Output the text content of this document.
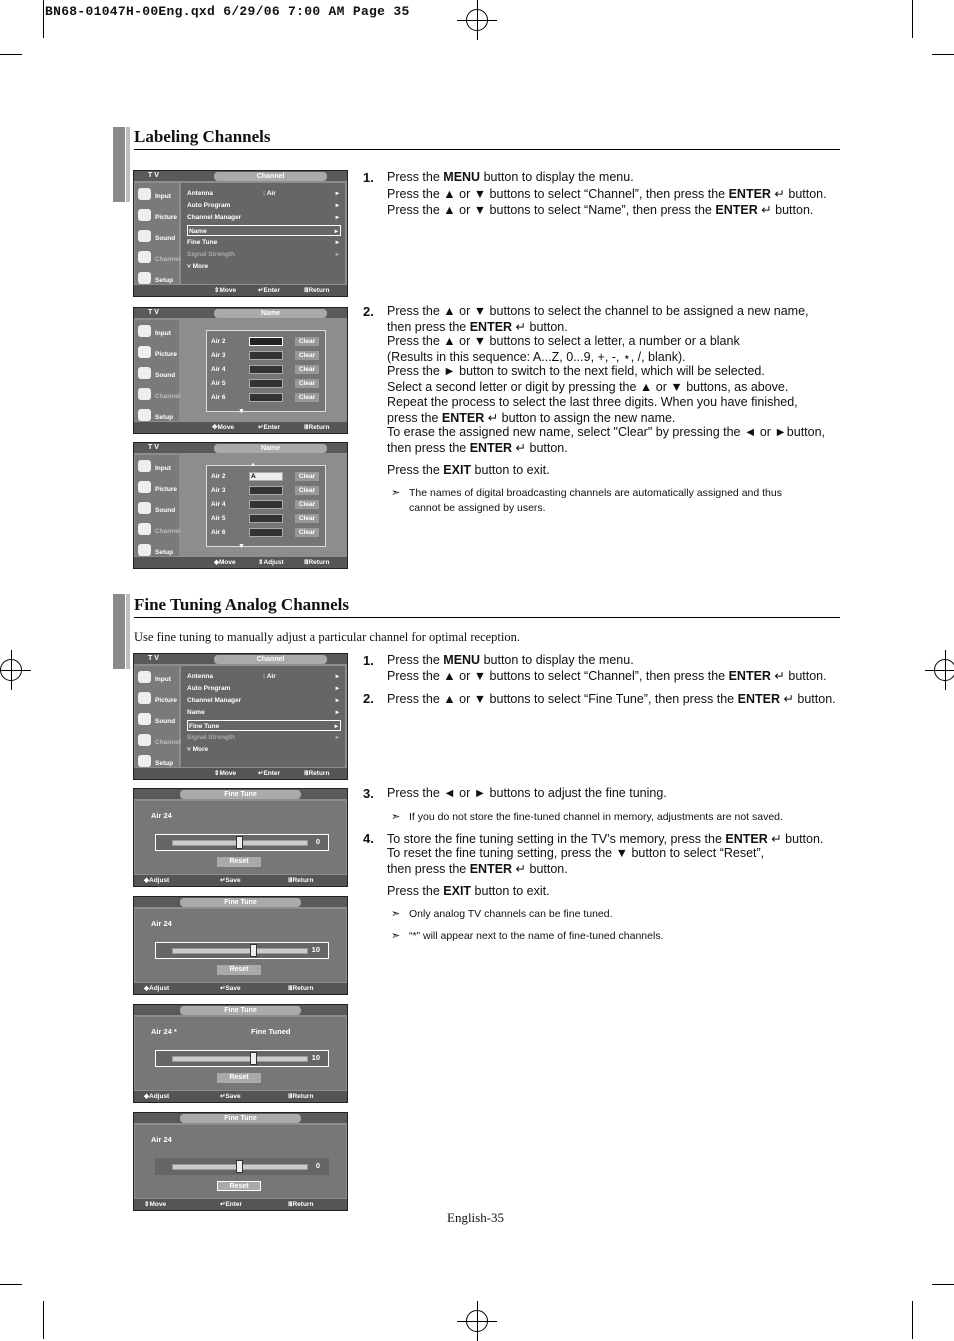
BN68-01047H-00Eng.qxd 6/29/06 7:00 AM Page 35
Labeling Channels
T V	Channel
Input
Picture
Sound
Channel
Setup
Antenna	: Air	▸
Auto Program	▸
Channel Manager	▸
Name	▸
Fine Tune	▸
Signal Strength	▸
˅ More
⇕ Move	↵ Enter	Ⅲ Return
T V	Name
Input
Picture
Sound
Channel
Setup
Air 2	Clear
Air 3	Clear
Air 4	Clear
Air 5	Clear
Air 6	Clear
▼
✥ Move	↵ Enter	Ⅲ Return
T V	Name
Input
Picture
Sound
Channel
Setup
▲
Air 2	A	Clear
Air 3	Clear
Air 4	Clear
Air 5	Clear
Air 6	Clear
▼
◆ Move	⇕ Adjust	Ⅲ Return
1. Press the MENU button to display the menu.
Press the ▲ or ▼ buttons to select “Channel”, then press the ENTER ↵ button.
Press the ▲ or ▼ buttons to select “Name”, then press the ENTER ↵ button.
2. Press the ▲ or ▼ buttons to select the channel to be assigned a new name,
then press the ENTER ↵ button.
Press the ▲ or ▼ buttons to select a letter, a number or a blank
(Results in this sequence: A...Z, 0...9, +, -, ⋆, /, blank).
Press the ► button to switch to the next field, which will be selected.
Select a second letter or digit by pressing the ▲ or ▼ buttons, as above.
Repeat the process to select the last three digits. When you have finished,
press the ENTER ↵ button to assign the new name.
To erase the assigned new name, select "Clear" by pressing the ◄ or ►button,
then press the ENTER ↵ button.
Press the EXIT button to exit.
➣ The names of digital broadcasting channels are automatically assigned and thus
cannot be assigned by users.
Fine Tuning Analog Channels
Use fine tuning to manually adjust a particular channel for optimal reception.
T V	Channel
Input
Picture
Sound
Channel
Setup
Antenna	: Air	▸
Auto Program	▸
Channel Manager	▸
Name	▸
Fine Tune	▸
Signal Strength	▸
˅ More
⇕ Move	↵ Enter	Ⅲ Return
Fine Tune
Air 24
0
Reset
◆ Adjust	↵ Save	Ⅲ Return
Fine Tune
Air 24
10
Reset
◆ Adjust	↵ Save	Ⅲ Return
Fine Tune
Air 24 *	Fine Tuned
10
Reset
◆ Adjust	↵ Save	Ⅲ Return
Fine Tune
Air 24
0
Reset
⇕ Move	↵ Enter	Ⅲ Return
1. Press the MENU button to display the menu.
Press the ▲ or ▼ buttons to select “Channel”, then press the ENTER ↵ button.
2. Press the ▲ or ▼ buttons to select “Fine Tune”, then press the ENTER ↵ button.
3. Press the ◄ or ► buttons to adjust the fine tuning.
➣ If you do not store the fine-tuned channel in memory, adjustments are not saved.
4. To store the fine tuning setting in the TV’s memory, press the ENTER ↵ button.
To reset the fine tuning setting, press the ▼ button to select “Reset”,
then press the ENTER ↵ button.
Press the EXIT button to exit.
➣ Only analog TV channels can be fine tuned.
➣ “*” will appear next to the name of fine-tuned channels.
English-35
